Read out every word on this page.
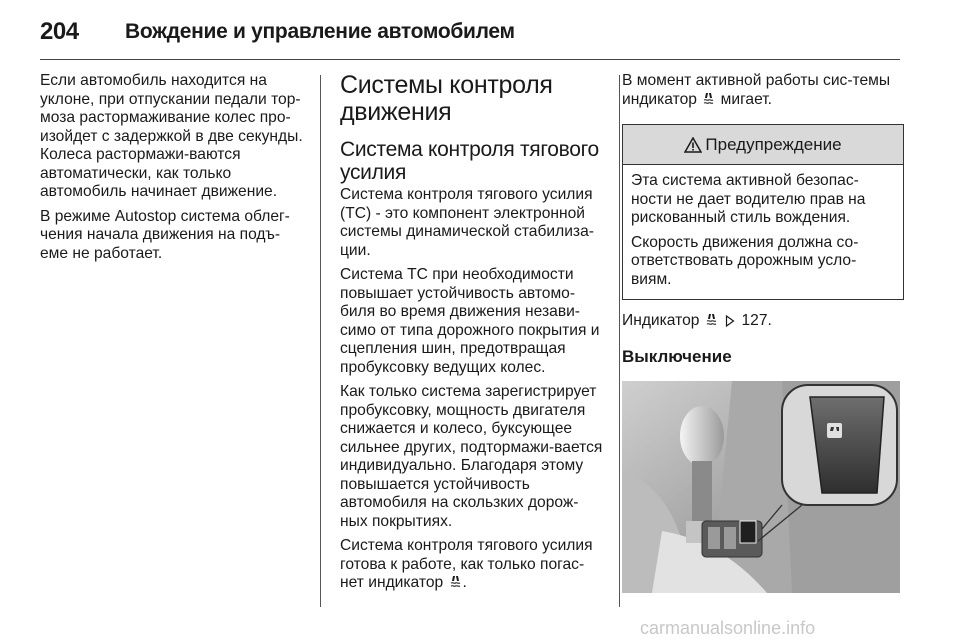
204 Вождение и управление автомобилем

Если автомобиль находится на уклоне, при отпускании педали тор-моза растормаживание колес про-изойдет с задержкой в две секунды. Колеса растормажи-ваются автоматически, как только автомобиль начинает движение.

В режиме Autostop система облег-чения начала движения на подъ-еме не работает.

Системы контроля движения
Система контроля тягового усилия

Система контроля тягового усилия (ТС) - это компонент электронной системы динамической стабилиза-ции.

Система ТС при необходимости повышает устойчивость автомо-биля во время движения незави-симо от типа дорожного покрытия и сцепления шин, предотвращая пробуксовку ведущих колес.

Как только система зарегистрирует пробуксовку, мощность двигателя снижается и колесо, буксующее сильнее других, подтормажи-вается индивидуально. Благодаря этому повышается устойчивость автомобиля на скользких дорож-ных покрытиях.

Система контроля тягового усилия готова к работе, как только погас-нет индикатор .

В момент активной работы сис-темы индикатор мигает.

Предупреждение

Эта система активной безопас-ности не дает водителю прав на рискованный стиль вождения.

Скорость движения должна со-ответствовать дорожным усло-виям.

Индикатор	127.

Выключение
carmanualsonline.info
